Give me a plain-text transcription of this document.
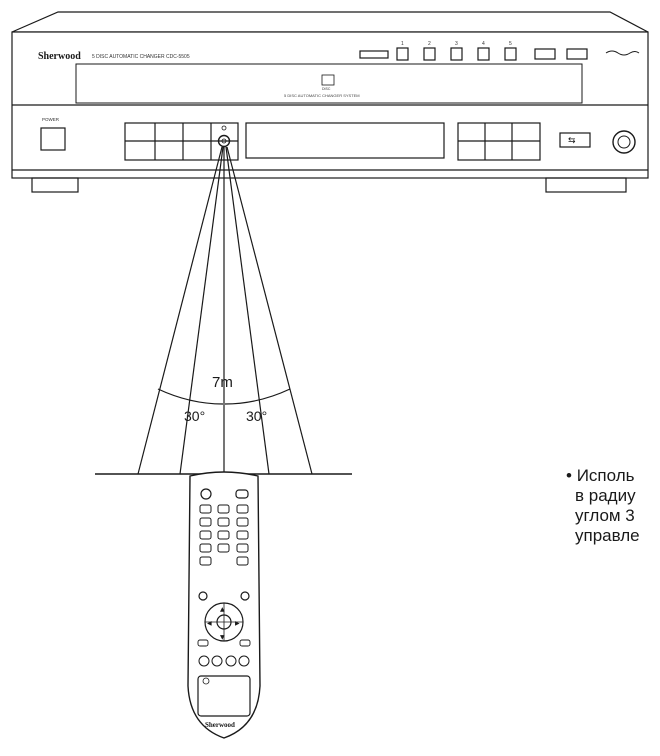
Sherwood 5 DISC AUTOMATIC CHANGER CDC-5505
1	2	3	4	5
DISC
5 DISC AUTOMATIC CHANGER SYSTEM
POWER
⇆
7m
30°	30°
▲
▼
◀	▶
Sherwood
• Исполь
в радиу
углом 3
управле
